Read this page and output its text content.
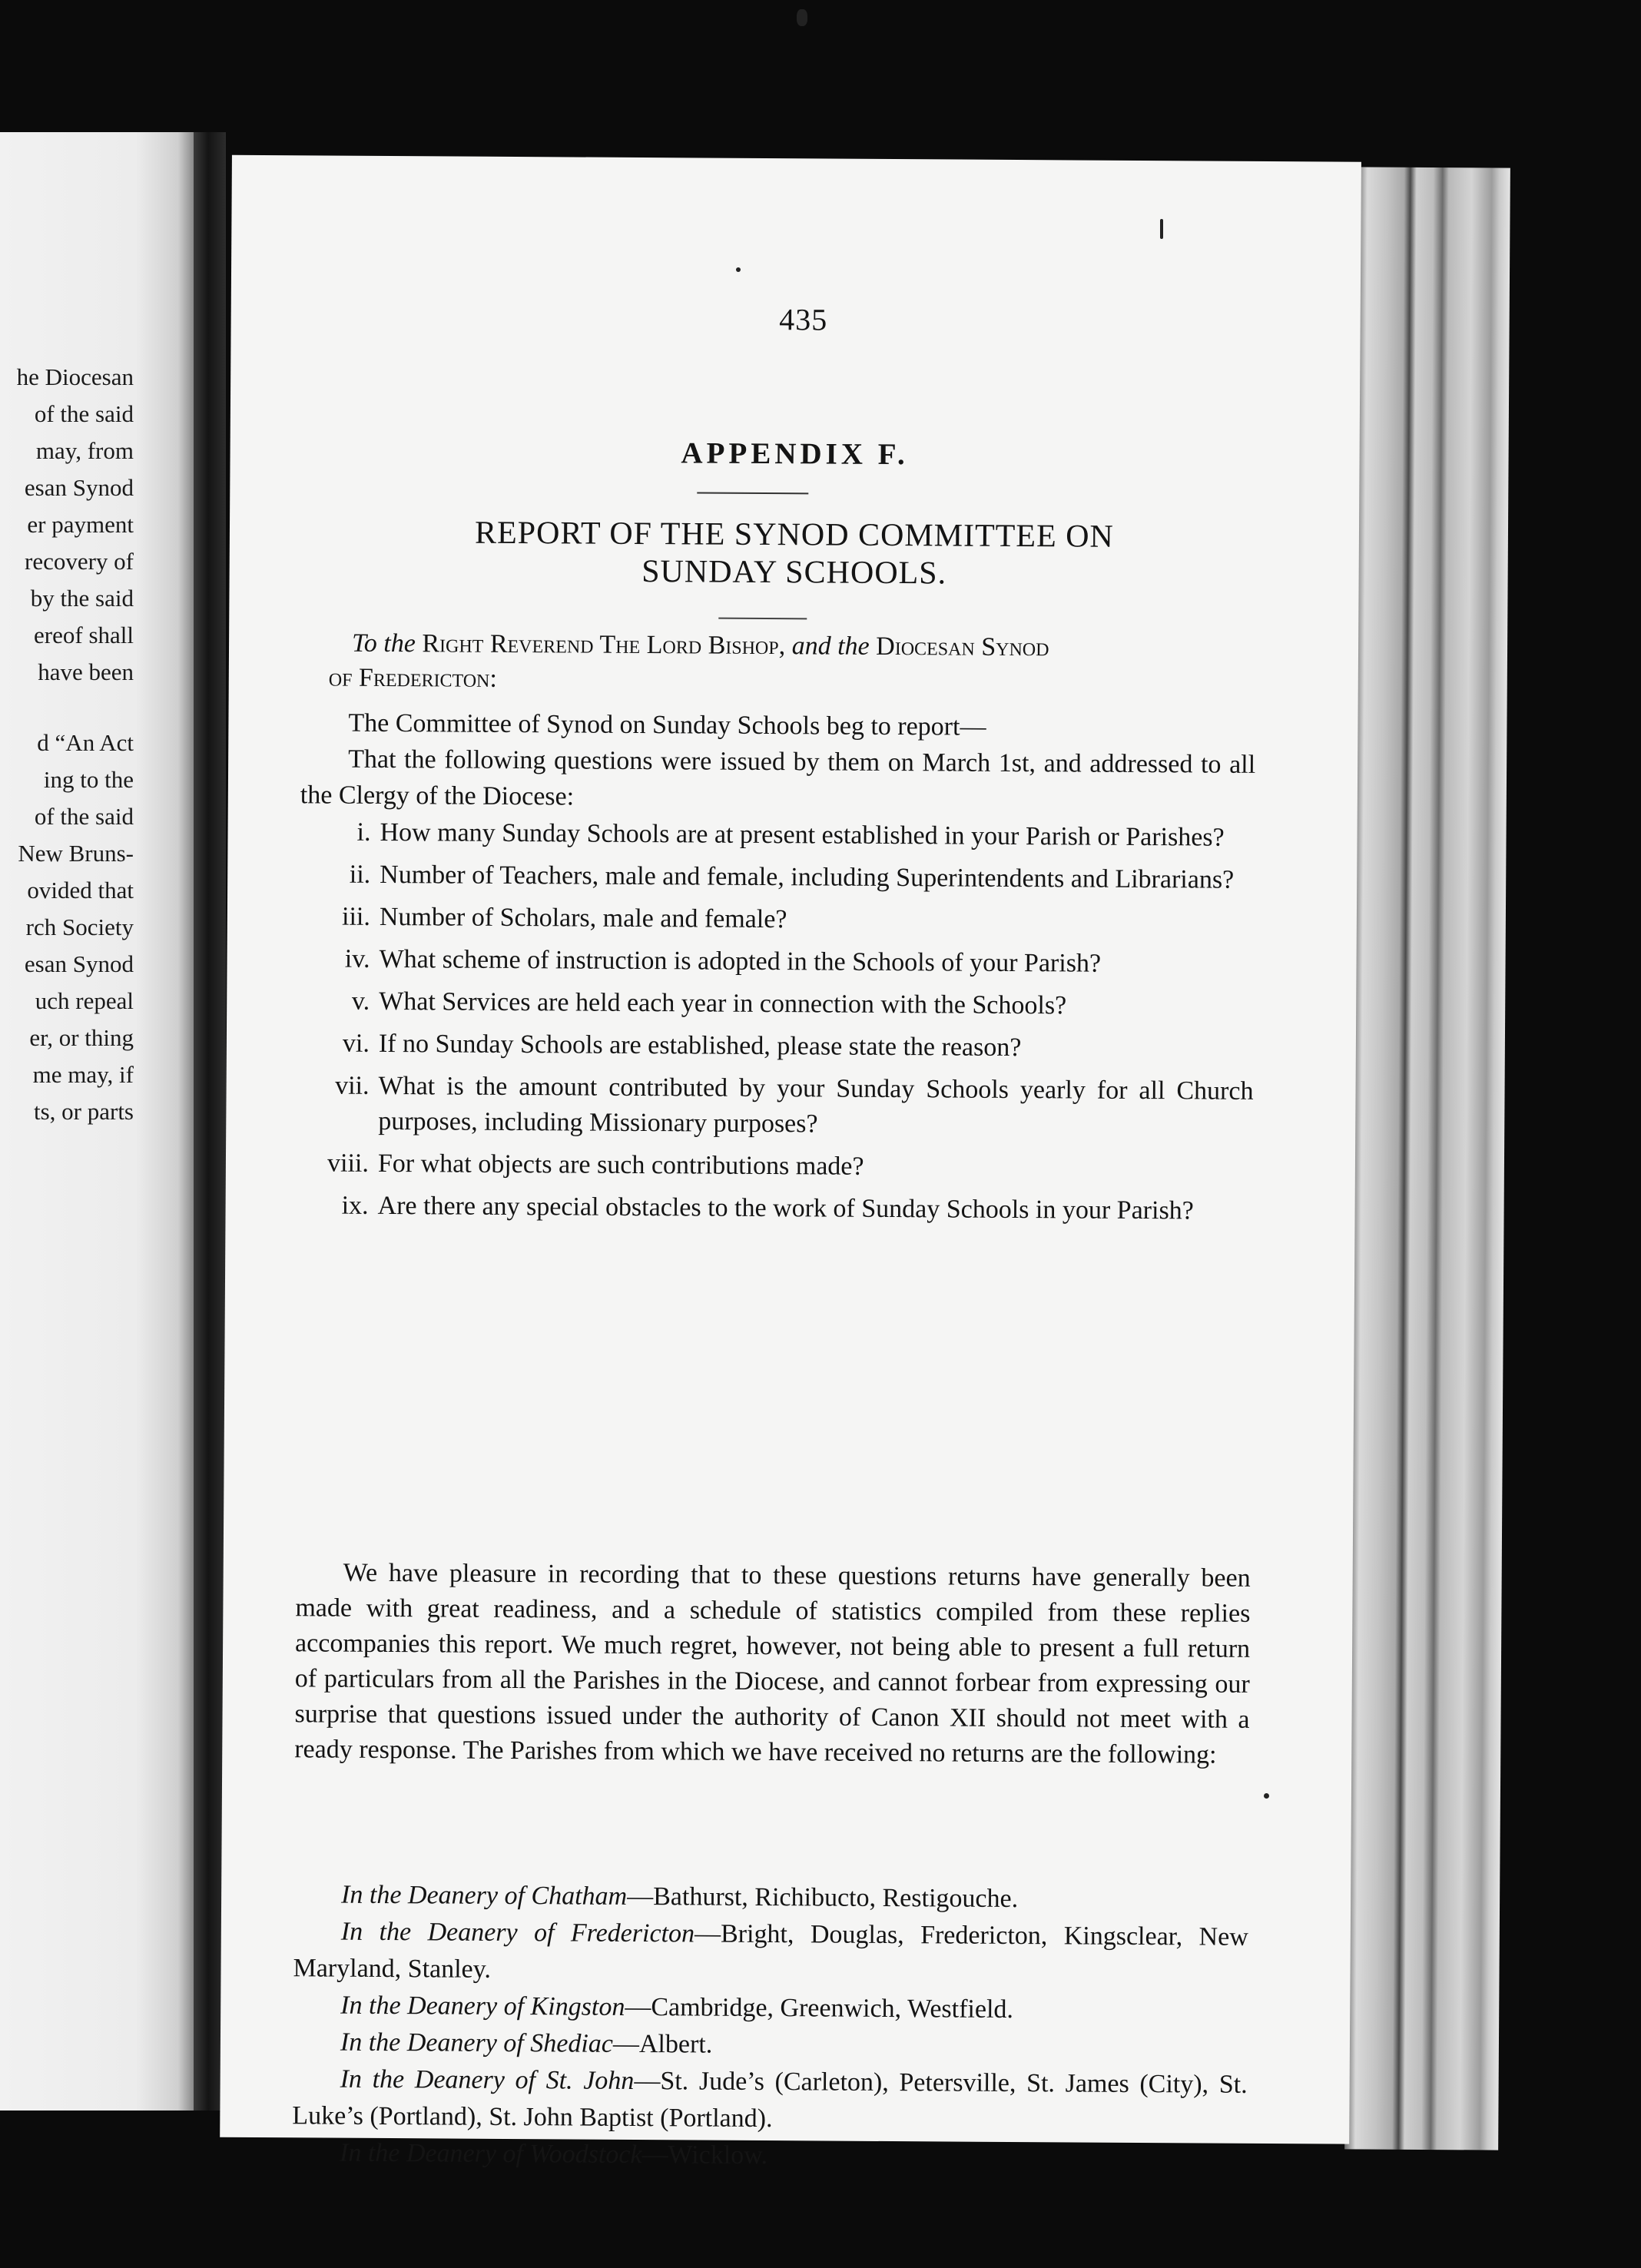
he Diocesan
of the said
may, from
esan Synod
er payment
recovery of
by the said
ereof shall
have been
d “An Act
ing to the
of the said
New Bruns-
ovided that
rch Society
esan Synod
uch repeal
er, or thing
me may, if
ts, or parts
435
APPENDIX F.
REPORT OF THE SYNOD COMMITTEE ON
SUNDAY SCHOOLS.
To the Right Reverend The Lord Bishop, and the Diocesan Synod
of Fredericton:
The Committee of Synod on Sunday Schools beg to report—
That the following questions were issued by them on March 1st, and addressed to all the Clergy of the Diocese:
i. How many Sunday Schools are at present established in your Parish or Parishes?
ii. Number of Teachers, male and female, including Superintendents and Librarians?
iii. Number of Scholars, male and female?
iv. What scheme of instruction is adopted in the Schools of your Parish?
v. What Services are held each year in connection with the Schools?
vi. If no Sunday Schools are established, please state the reason?
vii. What is the amount contributed by your Sunday Schools yearly for all Church purposes, including Missionary purposes?
viii. For what objects are such contributions made?
ix. Are there any special obstacles to the work of Sunday Schools in your Parish?
We have pleasure in recording that to these questions returns have generally been made with great readiness, and a schedule of statistics compiled from these replies accompanies this report. We much regret, however, not being able to present a full return of particulars from all the Parishes in the Diocese, and cannot forbear from expressing our surprise that questions issued under the authority of Canon XII should not meet with a ready response. The Parishes from which we have received no returns are the following:
In the Deanery of Chatham—Bathurst, Richibucto, Restigouche.
In the Deanery of Fredericton—Bright, Douglas, Fredericton, Kingsclear, New Maryland, Stanley.
In the Deanery of Kingston—Cambridge, Greenwich, Westfield.
In the Deanery of Shediac—Albert.
In the Deanery of St. John—St. Jude’s (Carleton), Petersville, St. James (City), St. Luke’s (Portland), St. John Baptist (Portland).
In the Deanery of Woodstock—Wicklow.
